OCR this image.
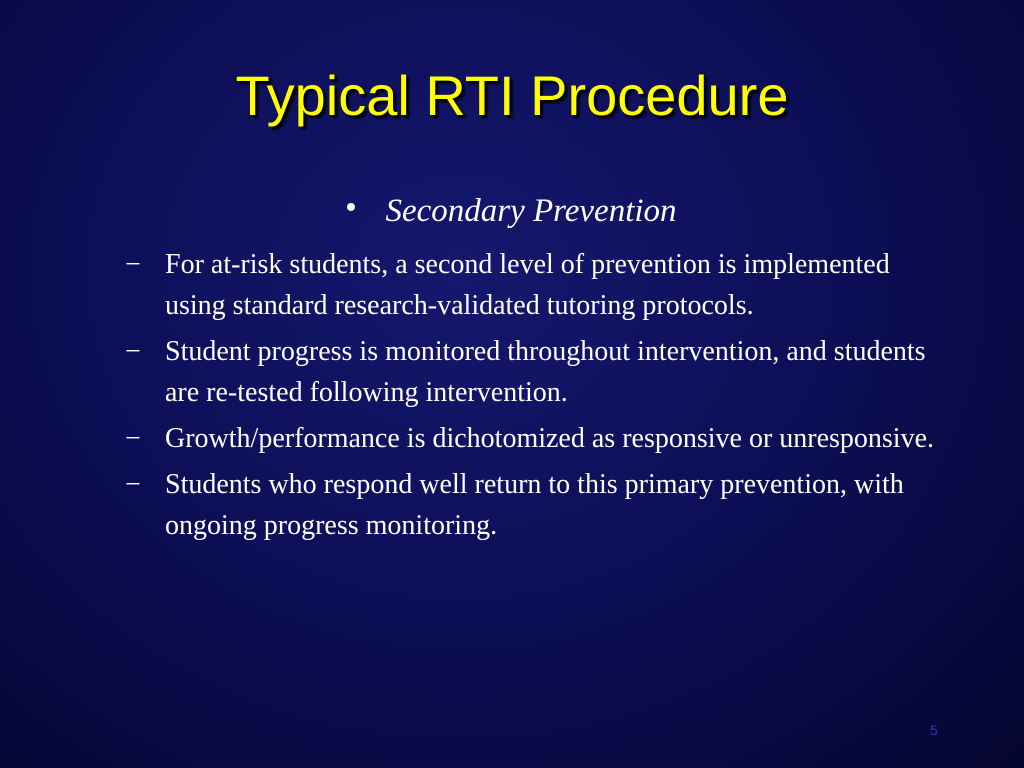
Typical RTI Procedure
Secondary Prevention
− For at-risk students, a second level of prevention is implemented using standard research-validated tutoring protocols.
− Student progress is monitored throughout intervention, and students are re-tested following intervention.
− Growth/performance is dichotomized as responsive or unresponsive.
− Students who respond well return to this primary prevention, with ongoing progress monitoring.
5
